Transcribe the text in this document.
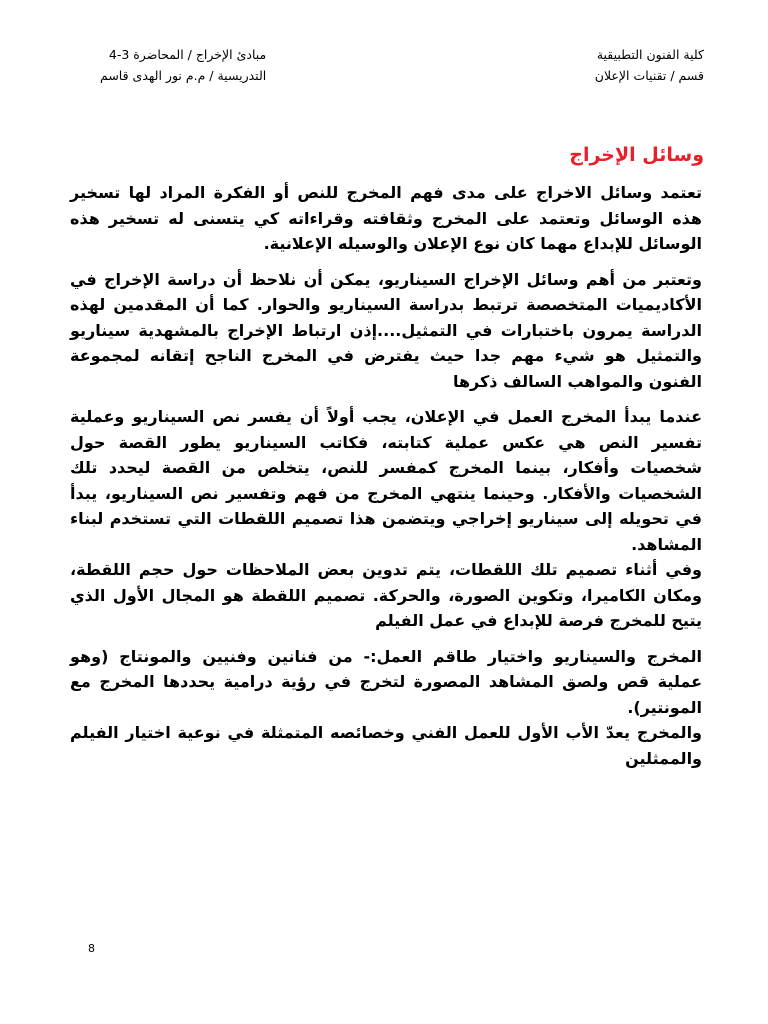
كلية الفنون التطبيقية
قسم / تقنيات الإعلان
مبادئ الإخراج / المحاضرة 3-4
التدريسية / م.م نور الهدى قاسم
وسائل الإخراج

تعتمد وسائل الاخراج على مدى فهم المخرج للنص أو الفكرة المراد لها تسخير هذه الوسائل وتعتمد على المخرج وثقافته وقراءاته كي يتسنى له تسخير هذه الوسائل للإبداع مهما كان نوع الإعلان والوسيله الإعلانية.

وتعتبر من أهم وسائل الإخراج السيناريو، يمكن أن نلاحظ أن دراسة الإخراج في الأكاديميات المتخصصة ترتبط بدراسة السيناريو والحوار. كما أن المقدمين لهذه الدراسة يمرون باختبارات في التمثيل....إذن ارتباط الإخراج بالمشهدية سيناريو والتمثيل هو شيء مهم جدا حيث يفترض في المخرج الناجح إتقانه لمجموعة الفنون والمواهب السالف ذكرها

عندما يبدأ المخرج العمل في الإعلان، يجب أولاً أن يفسر نص السيناريو وعملية تفسير النص هي عكس عملية كتابته، فكاتب السيناريو يطور القصة حول شخصيات وأفكار، بينما المخرج كمفسر للنص، يتخلص من القصة ليحدد تلك الشخصيات والأفكار. وحينما ينتهي المخرج من فهم وتفسير نص السيناريو، يبدأ في تحويله إلى سيناريو إخراجي ويتضمن هذا تصميم اللقطات التي تستخدم لبناء المشاهد.

وفي أثناء تصميم تلك اللقطات، يتم تدوين بعض الملاحظات حول حجم اللقطة، ومكان الكاميرا، وتكوين الصورة، والحركة. تصميم اللقطة هو المجال الأول الذي يتيح للمخرج فرصة للإبداع في عمل الفيلم

المخرج والسيناريو واختيار طاقم العمل:- من فنانين وفنيين والمونتاج (وهو عملية قص ولصق المشاهد المصورة لتخرج في رؤية درامية يحددها المخرج مع المونتير).

والمخرج يعدّ الأب الأول للعمل الفني وخصائصه المتمثلة في نوعية اختيار الفيلم والممثلين

8
